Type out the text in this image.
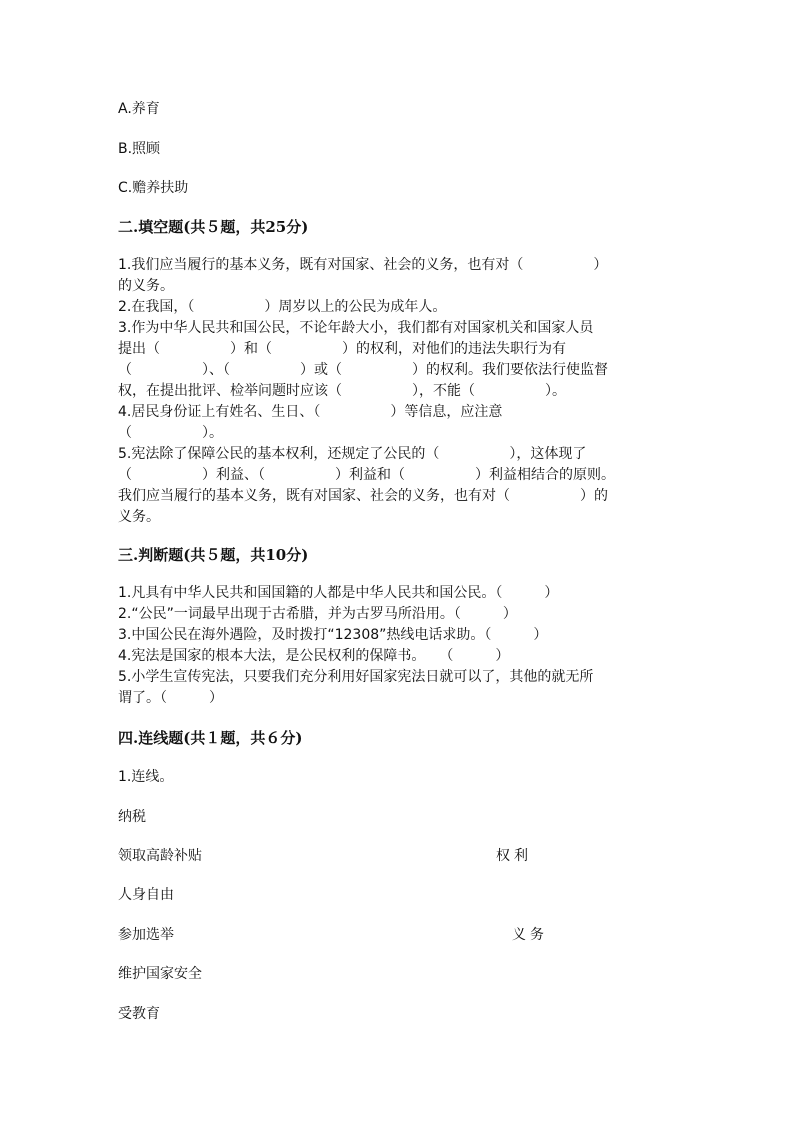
A.养育
B.照顾
C.赡养扶助
二.填空题(共５题，共25分)
1.我们应当履行的基本义务，既有对国家、社会的义务，也有对（　　　　　）
的义务。
2.在我国，（　　　　　）周岁以上的公民为成年人。
3.作为中华人民共和国公民，不论年龄大小，我们都有对国家机关和国家人员
提出（　　　　　）和（　　　　　）的权利，对他们的违法失职行为有
（　　　　　）、（　　　　　）或（　　　　　）的权利。我们要依法行使监督
权，在提出批评、检举问题时应该（　　　　　），不能（　　　　　）。
4.居民身份证上有姓名、生日、（　　　　　）等信息，应注意
（　　　　　）。
5.宪法除了保障公民的基本权利，还规定了公民的（　　　　　），这体现了
（　　　　　）利益、（　　　　　）利益和（　　　　　）利益相结合的原则。
我们应当履行的基本义务，既有对国家、社会的义务，也有对（　　　　　）的
义务。
三.判断题(共５题，共10分)
1.凡具有中华人民共和国国籍的人都是中华人民共和国公民。（　　　）
2.“公民”一词最早出现于古希腊，并为古罗马所沿用。（　　　）
3.中国公民在海外遇险，及时拨打“12308”热线电话求助。（　　　）
4.宪法是国家的根本大法，是公民权利的保障书。　　（　　　）
5.小学生宣传宪法，只要我们充分利用好国家宪法日就可以了，其他的就无所
谓了。（　　　）
四.连线题(共１题，共６分)
1.连线。
纳税
领取高龄补贴
人身自由
参加选举
维护国家安全
受教育
权利
义务
